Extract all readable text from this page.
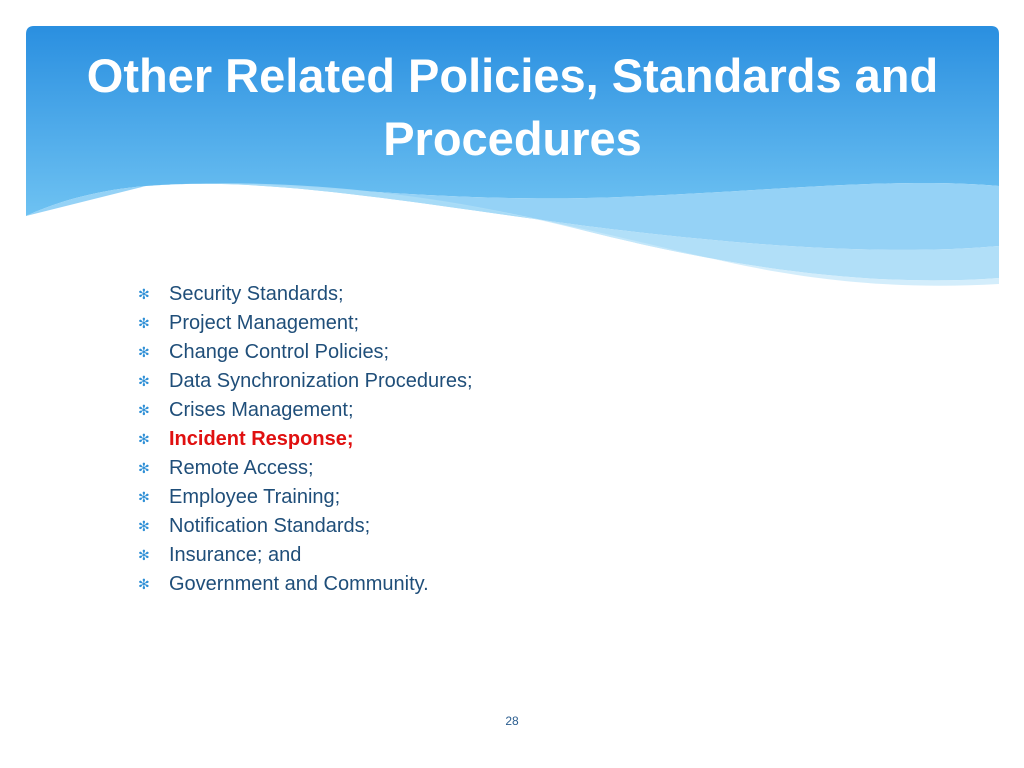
Other Related Policies, Standards and Procedures
✻ Security Standards;
✻ Project Management;
✻ Change Control Policies;
✻ Data Synchronization Procedures;
✻ Crises Management;
✻ Incident Response;
✻ Remote Access;
✻ Employee Training;
✻ Notification Standards;
✻ Insurance; and
✻ Government and Community.
28
